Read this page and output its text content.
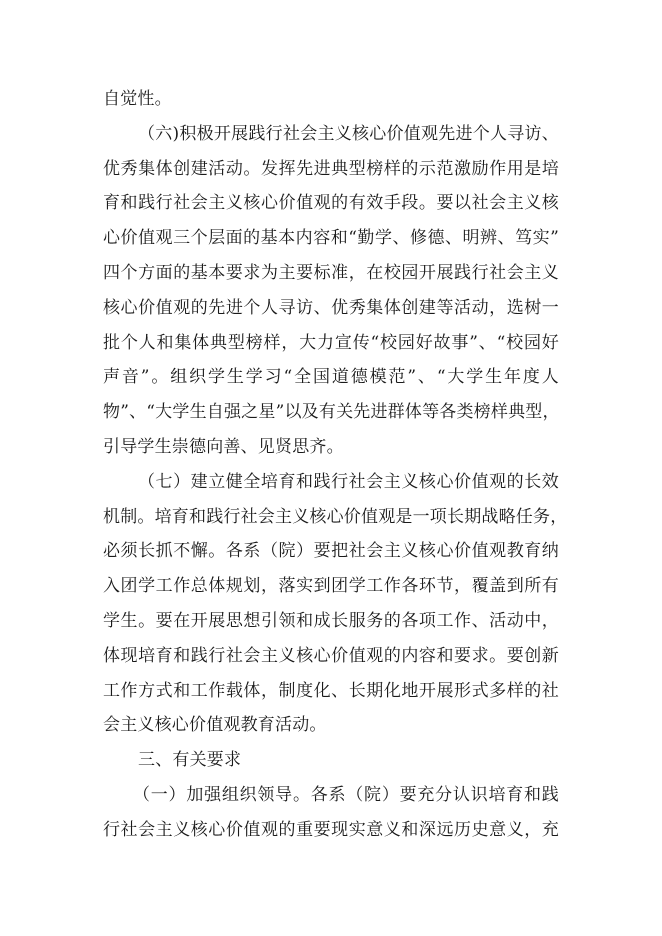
自觉性。
（六)积极开展践行社会主义核心价值观先进个人寻访、
优秀集体创建活动。发挥先进典型榜样的示范激励作用是培
育和践行社会主义核心价值观的有效手段。要以社会主义核
心价值观三个层面的基本内容和“勤学、修德、明辨、笃实”
四个方面的基本要求为主要标准，在校园开展践行社会主义
核心价值观的先进个人寻访、优秀集体创建等活动，选树一
批个人和集体典型榜样，大力宣传“校园好故事”、“校园好
声音”。组织学生学习“全国道德模范”、“大学生年度人
物”、“大学生自强之星”以及有关先进群体等各类榜样典型，
引导学生崇德向善、见贤思齐。
（七）建立健全培育和践行社会主义核心价值观的长效
机制。培育和践行社会主义核心价值观是一项长期战略任务，
必须长抓不懈。各系（院）要把社会主义核心价值观教育纳
入团学工作总体规划，落实到团学工作各环节，覆盖到所有
学生。要在开展思想引领和成长服务的各项工作、活动中，
体现培育和践行社会主义核心价值观的内容和要求。要创新
工作方式和工作载体，制度化、长期化地开展形式多样的社
会主义核心价值观教育活动。
三、有关要求
（一）加强组织领导。各系（院）要充分认识培育和践
行社会主义核心价值观的重要现实意义和深远历史意义，充
